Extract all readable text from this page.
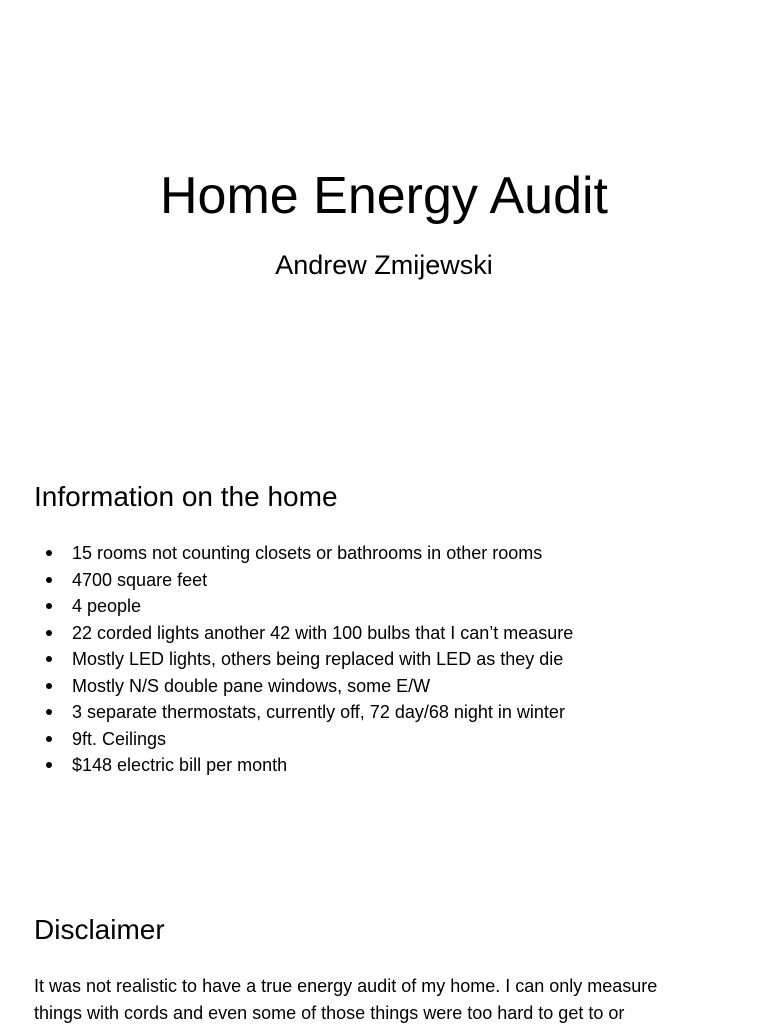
Home Energy Audit
Andrew Zmijewski
Information on the home
15 rooms not counting closets or bathrooms in other rooms
4700 square feet
4 people
22 corded lights another 42 with 100 bulbs that I can’t measure
Mostly LED lights, others being replaced with LED as they die
Mostly N/S double pane windows, some E/W
3 separate thermostats, currently off, 72 day/68 night in winter
9ft. Ceilings
$148 electric bill per month
Disclaimer
It was not realistic to have a true energy audit of my home. I can only measure
things with cords and even some of those things were too hard to get to or
